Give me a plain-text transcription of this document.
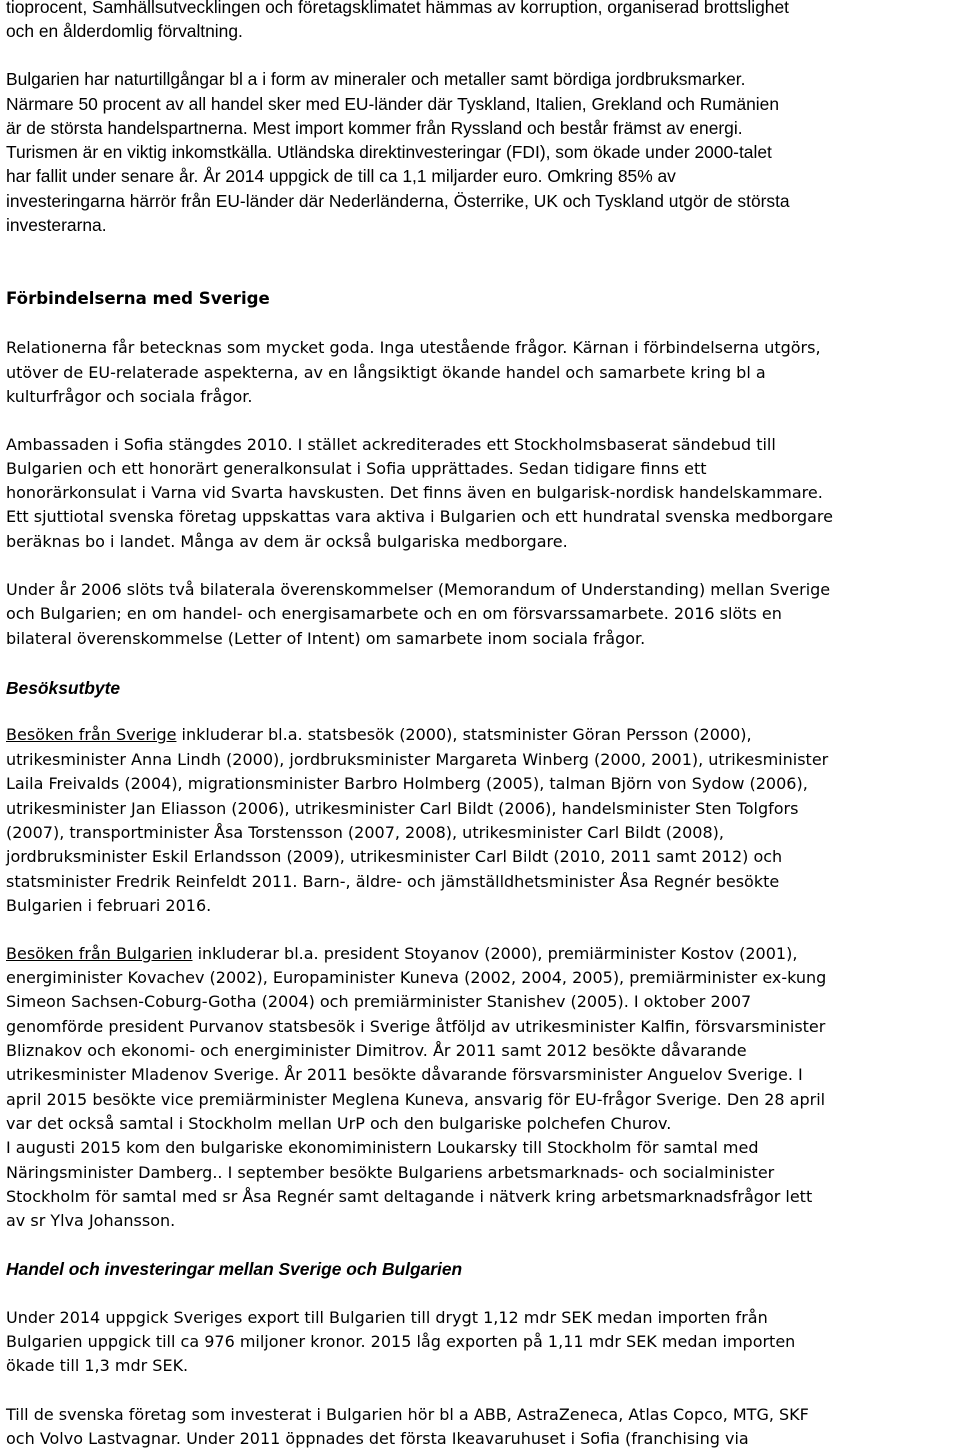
tioprocent, Samhällsutvecklingen och företagsklimatet hämmas av korruption, organiserad brottslighet
och en ålderdomlig förvaltning.
Bulgarien har naturtillgångar bl a i form av mineraler och metaller samt bördiga jordbruksmarker.
Närmare 50 procent av all handel sker med EU-länder där Tyskland, Italien, Grekland och Rumänien
är de största handelspartnerna. Mest import kommer från Ryssland och består främst av energi.
Turismen är en viktig inkomstkälla. Utländska direktinvesteringar (FDI), som ökade under 2000-talet
har fallit under senare år. År 2014 uppgick de till ca 1,1 miljarder euro. Omkring 85% av
investeringarna härrör från EU-länder där Nederländerna, Österrike, UK och Tyskland utgör de största
investerarna.
Förbindelserna med Sverige
Relationerna får betecknas som mycket goda. Inga utestående frågor. Kärnan i förbindelserna utgörs,
utöver de EU-relaterade aspekterna, av en långsiktigt ökande handel och samarbete kring bl a
kulturfrågor och sociala frågor.
Ambassaden i Sofia stängdes 2010. I stället ackrediterades ett Stockholmsbaserat sändebud till
Bulgarien och ett honorärt generalkonsulat i Sofia upprättades. Sedan tidigare finns ett
honorärkonsulat i Varna vid Svarta havskusten. Det finns även en bulgarisk-nordisk handelskammare.
Ett sjuttiotal svenska företag uppskattas vara aktiva i Bulgarien och ett hundratal svenska medborgare
beräknas bo i landet. Många av dem är också bulgariska medborgare.
Under år 2006 slöts två bilaterala överenskommelser (Memorandum of Understanding) mellan Sverige
och Bulgarien; en om handel- och energisamarbete och en om försvarssamarbete. 2016 slöts en
bilateral överenskommelse (Letter of Intent) om samarbete inom sociala frågor.
Besöksutbyte
Besöken från Sverige inkluderar bl.a. statsbesök (2000), statsminister Göran Persson (2000),
utrikesminister Anna Lindh (2000), jordbruksminister Margareta Winberg (2000, 2001), utrikesminister
Laila Freivalds (2004), migrationsminister Barbro Holmberg (2005), talman Björn von Sydow (2006),
utrikesminister Jan Eliasson (2006), utrikesminister Carl Bildt (2006), handelsminister Sten Tolgfors
(2007), transportminister Åsa Torstensson (2007, 2008), utrikesminister Carl Bildt (2008),
jordbruksminister Eskil Erlandsson (2009), utrikesminister Carl Bildt (2010, 2011 samt 2012) och
statsminister Fredrik Reinfeldt 2011. Barn-, äldre- och jämställdhetsminister Åsa Regnér besökte
Bulgarien i februari 2016.
Besöken från Bulgarien inkluderar bl.a. president Stoyanov (2000), premiärminister Kostov (2001),
energiminister Kovachev (2002), Europaminister Kuneva (2002, 2004, 2005), premiärminister ex-kung
Simeon Sachsen-Coburg-Gotha (2004) och premiärminister Stanishev (2005). I oktober 2007
genomförde president Purvanov statsbesök i Sverige åtföljd av utrikesminister Kalfin, försvarsminister
Bliznakov och ekonomi- och energiminister Dimitrov. År 2011 samt 2012 besökte dåvarande
utrikesminister Mladenov Sverige. År 2011 besökte dåvarande försvarsminister Anguelov Sverige. I
april 2015 besökte vice premiärminister Meglena Kuneva, ansvarig för EU-frågor Sverige. Den 28 april
var det också samtal i Stockholm mellan UrP och den bulgariske polchefen Churov.
I augusti 2015 kom den bulgariske ekonomiministern Loukarsky till Stockholm för samtal med
Näringsminister Damberg.. I september besökte Bulgariens arbetsmarknads- och socialminister
Stockholm för samtal med sr Åsa Regnér samt deltagande i nätverk kring arbetsmarknadsfrågor lett
av sr Ylva Johansson.
Handel och investeringar mellan Sverige och Bulgarien
Under 2014 uppgick Sveriges export till Bulgarien till drygt 1,12 mdr SEK medan importen från
Bulgarien uppgick till ca 976 miljoner kronor. 2015 låg exporten på 1,11 mdr SEK medan importen
ökade till 1,3 mdr SEK.
Till de svenska företag som investerat i Bulgarien hör bl a ABB, AstraZeneca, Atlas Copco, MTG, SKF
och Volvo Lastvagnar. Under 2011 öppnades det första Ikeavaruhuset i Sofia (franchising via
